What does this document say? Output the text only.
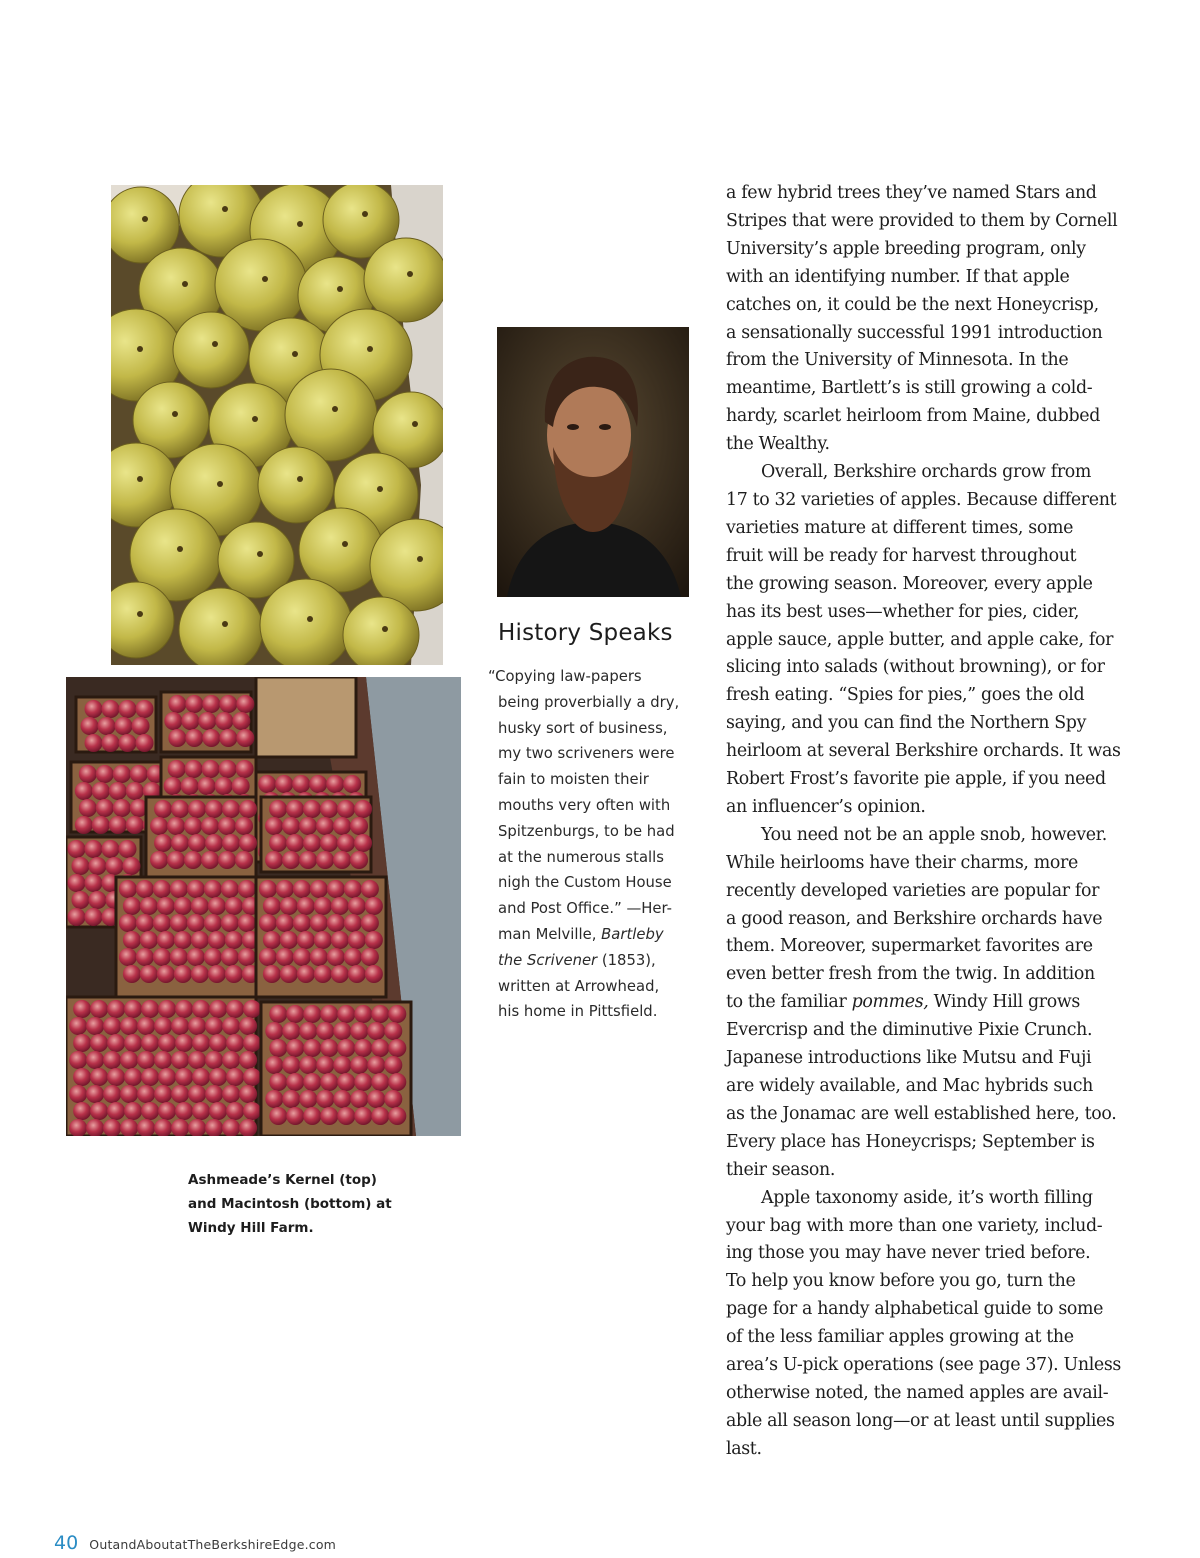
Ashmeade’s Kernel (top)
and Macintosh (bottom) at
Windy Hill Farm.
History Speaks

“Copying law-papers
being proverbially a dry,
husky sort of business,
my two scriveners were
fain to moisten their
mouths very often with
Spitzenburgs, to be had
at the numerous stalls
nigh the Custom House
and Post Office.” —Her-
man Melville, Bartleby
the Scrivener (1853),
written at Arrowhead,
his home in Pittsfield.

a few hybrid trees they’ve named Stars and
Stripes that were provided to them by Cornell
University’s apple breeding program, only
with an identifying number. If that apple
catches on, it could be the next Honeycrisp,
a sensationally successful 1991 introduction
from the University of Minnesota. In the
meantime, Bartlett’s is still growing a cold-
hardy, scarlet heirloom from Maine, dubbed
the Wealthy.
Overall, Berkshire orchards grow from
17 to 32 varieties of apples. Because different
varieties mature at different times, some
fruit will be ready for harvest throughout
the growing season. Moreover, every apple
has its best uses—whether for pies, cider,
apple sauce, apple butter, and apple cake, for
slicing into salads (without browning), or for
fresh eating. “Spies for pies,” goes the old
saying, and you can find the Northern Spy
heirloom at several Berkshire orchards. It was
Robert Frost’s favorite pie apple, if you need
an influencer’s opinion.
You need not be an apple snob, however.
While heirlooms have their charms, more
recently developed varieties are popular for
a good reason, and Berkshire orchards have
them. Moreover, supermarket favorites are
even better fresh from the twig. In addition
to the familiar pommes, Windy Hill grows
Evercrisp and the diminutive Pixie Crunch.
Japanese introductions like Mutsu and Fuji
are widely available, and Mac hybrids such
as the Jonamac are well established here, too.
Every place has Honeycrisps; September is
their season.
Apple taxonomy aside, it’s worth filling
your bag with more than one variety, includ-
ing those you may have never tried before.
To help you know before you go, turn the
page for a handy alphabetical guide to some
of the less familiar apples growing at the
area’s U-pick operations (see page 37). Unless
otherwise noted, the named apples are avail-
able all season long—or at least until supplies
last.
40 OutandAboutatTheBerkshireEdge.com
